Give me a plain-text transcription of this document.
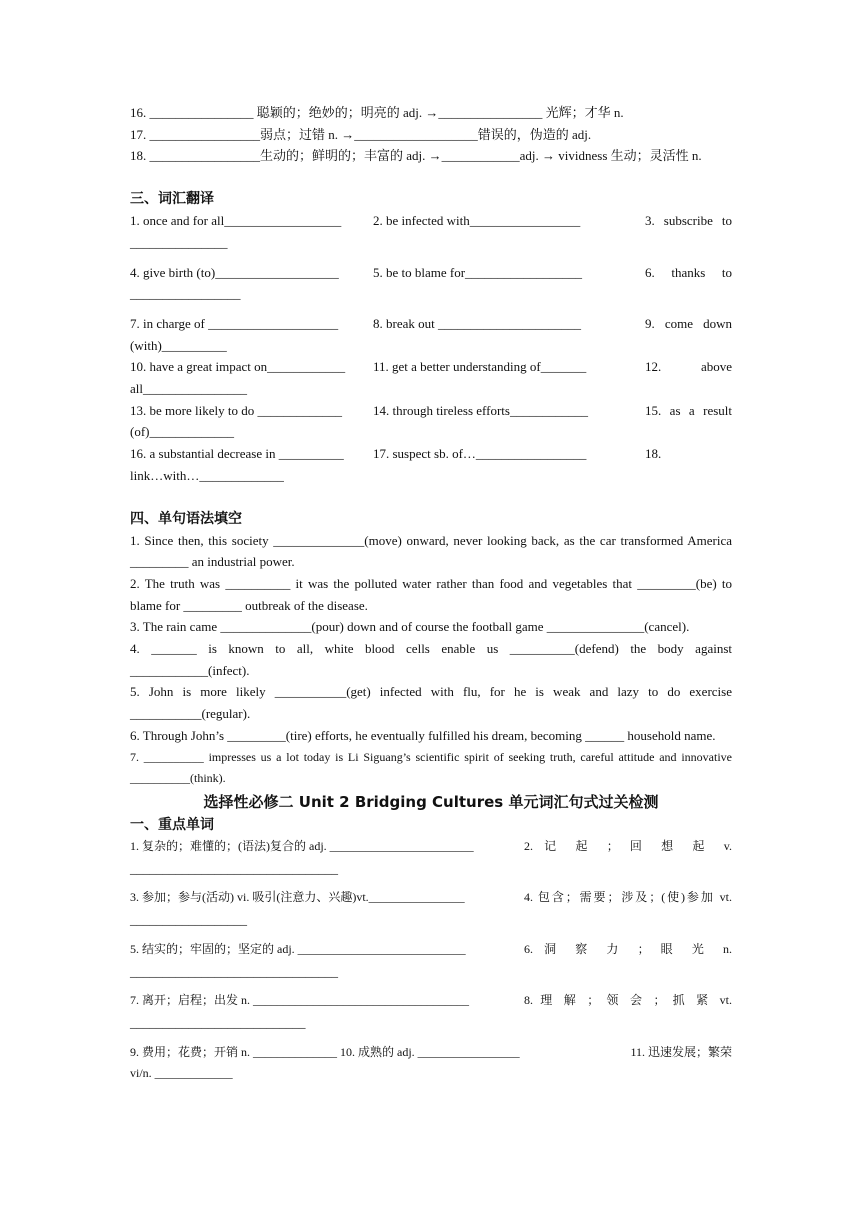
16. ________________ 聪颖的；绝妙的；明亮的 adj. →________________ 光辉；才华 n.
17. _________________弱点；过错 n. →___________________错误的，伪造的 adj.
18. _________________生动的；鲜明的；丰富的 adj. →____________adj. → vividness 生动；灵活性 n.
三、词汇翻译
1. once and for all__________________	2. be infected with_________________	3. subscribe to
_______________
4. give birth (to)___________________	5. be to blame for__________________	6. thanks to
_________________
7. in charge of ____________________	8. break out ______________________	9. come down
(with)__________
10. have a great impact on____________	11. get a better understanding of_______	12. above
all________________
13. be more likely to do _____________	14. through tireless efforts____________	15. as a result
(of)_____________
16. a substantial decrease in __________	17. suspect sb. of…_________________	18.
link…with…_____________
四、单句语法填空
1. Since then, this society ______________(move) onward, never looking back, as the car transformed America _________ an industrial power.
2. The truth was __________ it was the polluted water rather than food and vegetables that _________(be) to blame for _________ outbreak of the disease.
3. The rain came ______________(pour) down and of course the football game _______________(cancel).
4. _______ is known to all, white blood cells enable us __________(defend) the body against ____________(infect).
5. John is more likely ___________(get) infected with flu, for he is weak and lazy to do exercise ___________(regular).
6. Through John’s _________(tire) efforts, he eventually fulfilled his dream, becoming ______ household name.
7. __________ impresses us a lot today is Li Siguang’s scientific spirit of seeking truth, careful attitude and innovative __________(think).
选择性必修二 Unit 2 Bridging Cultures 单元词汇句式过关检测
一、重点单词
1. 复杂的；难懂的；(语法)复合的 adj. ________________________	2. 记 起 ； 回 想 起 v.
________________________________
3. 参加；参与(活动) vi. 吸引(注意力、兴趣)vt.________________	4. 包含；需要；涉及；(使)参加 vt.
__________________
5. 结实的；牢固的；坚定的 adj. ____________________________	6. 洞 察 力 ； 眼 光 n.
________________________________
7. 离开；启程；出发 n. ____________________________________	8. 理 解 ； 领 会 ； 抓 紧 vt.
___________________________
9. 费用；花费；开销 n. ______________ 10. 成熟的 adj. _________________	11. 迅速发展；繁荣
vi/n. _____________
